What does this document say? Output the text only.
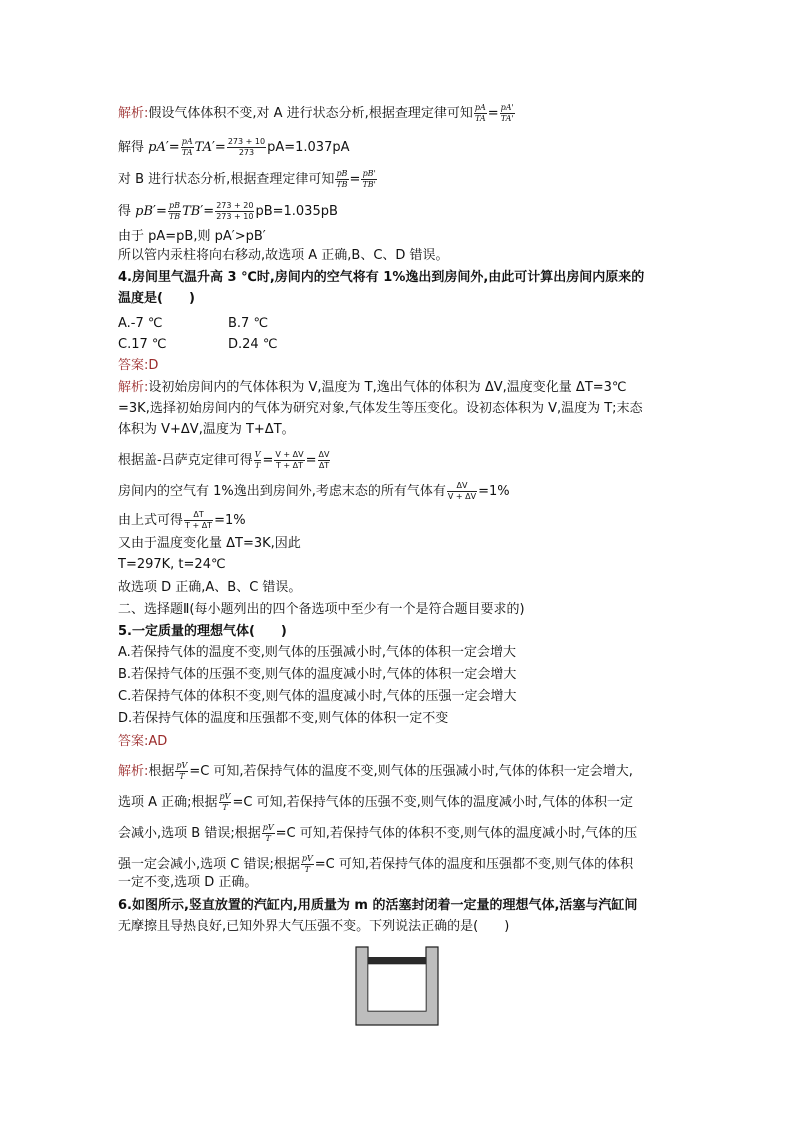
解析:假设气体体积不变,对 A 进行状态分析,根据查理定律可知 $\frac{pA}{TA} = \frac{pA'}{TA'}$
解得 $pA'= \frac{pA}{TA} TA'= \frac{273 + 10}{273} pA=1.037pA$
对 B 进行状态分析,根据查理定律可知 $\frac{pB}{TB} = \frac{pB'}{TB'}$
得 $pB'= \frac{pB}{TB} TB'= \frac{273 + 20}{273 + 10} pB=1.035pB$
由于 pA=pB,则 pA′>pB′
所以管内汞柱将向右移动,故选项 A 正确,B、C、D 错误。
4.房间里气温升高 3 ℃时,房间内的空气将有 1%逸出到房间外,由此可计算出房间内原来的
温度是(　　)
A.-7 ℃	B.7 ℃
C.17 ℃	D.24 ℃
答案:D
解析:设初始房间内的气体体积为 V,温度为 T,逸出气体的体积为 ΔV,温度变化量 ΔT=3℃
=3K,选择初始房间内的气体为研究对象,气体发生等压变化。设初态体积为 V,温度为 T;末态
体积为 V+ΔV,温度为 T+ΔT。
根据盖-吕萨克定律可得 $\frac{V}{T} = \frac{V + \Delta V}{T + \Delta T} = \frac{\Delta V}{\Delta T}$
房间内的空气有 1%逸出到房间外,考虑末态的所有气体有 $\frac{\Delta V}{V + \Delta V} =1\%$
由上式可得 $\frac{\Delta T}{T + \Delta T} =1\%$
又由于温度变化量 ΔT=3K,因此
T=297K, t=24℃
故选项 D 正确,A、B、C 错误。
二、选择题Ⅱ(每小题列出的四个备选项中至少有一个是符合题目要求的)
5.一定质量的理想气体(　　)
A.若保持气体的温度不变,则气体的压强减小时,气体的体积一定会增大
B.若保持气体的压强不变,则气体的温度减小时,气体的体积一定会增大
C.若保持气体的体积不变,则气体的温度减小时,气体的压强一定会增大
D.若保持气体的温度和压强都不变,则气体的体积一定不变
答案:AD
解析:根据 $\frac{pV}{T} =C$ 可知,若保持气体的温度不变,则气体的压强减小时,气体的体积一定会增大,
选项 A 正确;根据 $\frac{pV}{T} =C$ 可知,若保持气体的压强不变,则气体的温度减小时,气体的体积一定
会减小,选项 B 错误;根据 $\frac{pV}{T} =C$ 可知,若保持气体的体积不变,则气体的温度减小时,气体的压
强一定会减小,选项 C 错误;根据 $\frac{pV}{T} =C$ 可知,若保持气体的温度和压强都不变,则气体的体积
一定不变,选项 D 正确。
6.如图所示,竖直放置的汽缸内,用质量为 m 的活塞封闭着一定量的理想气体,活塞与汽缸间
无摩擦且导热良好,已知外界大气压强不变。下列说法正确的是(　　)
